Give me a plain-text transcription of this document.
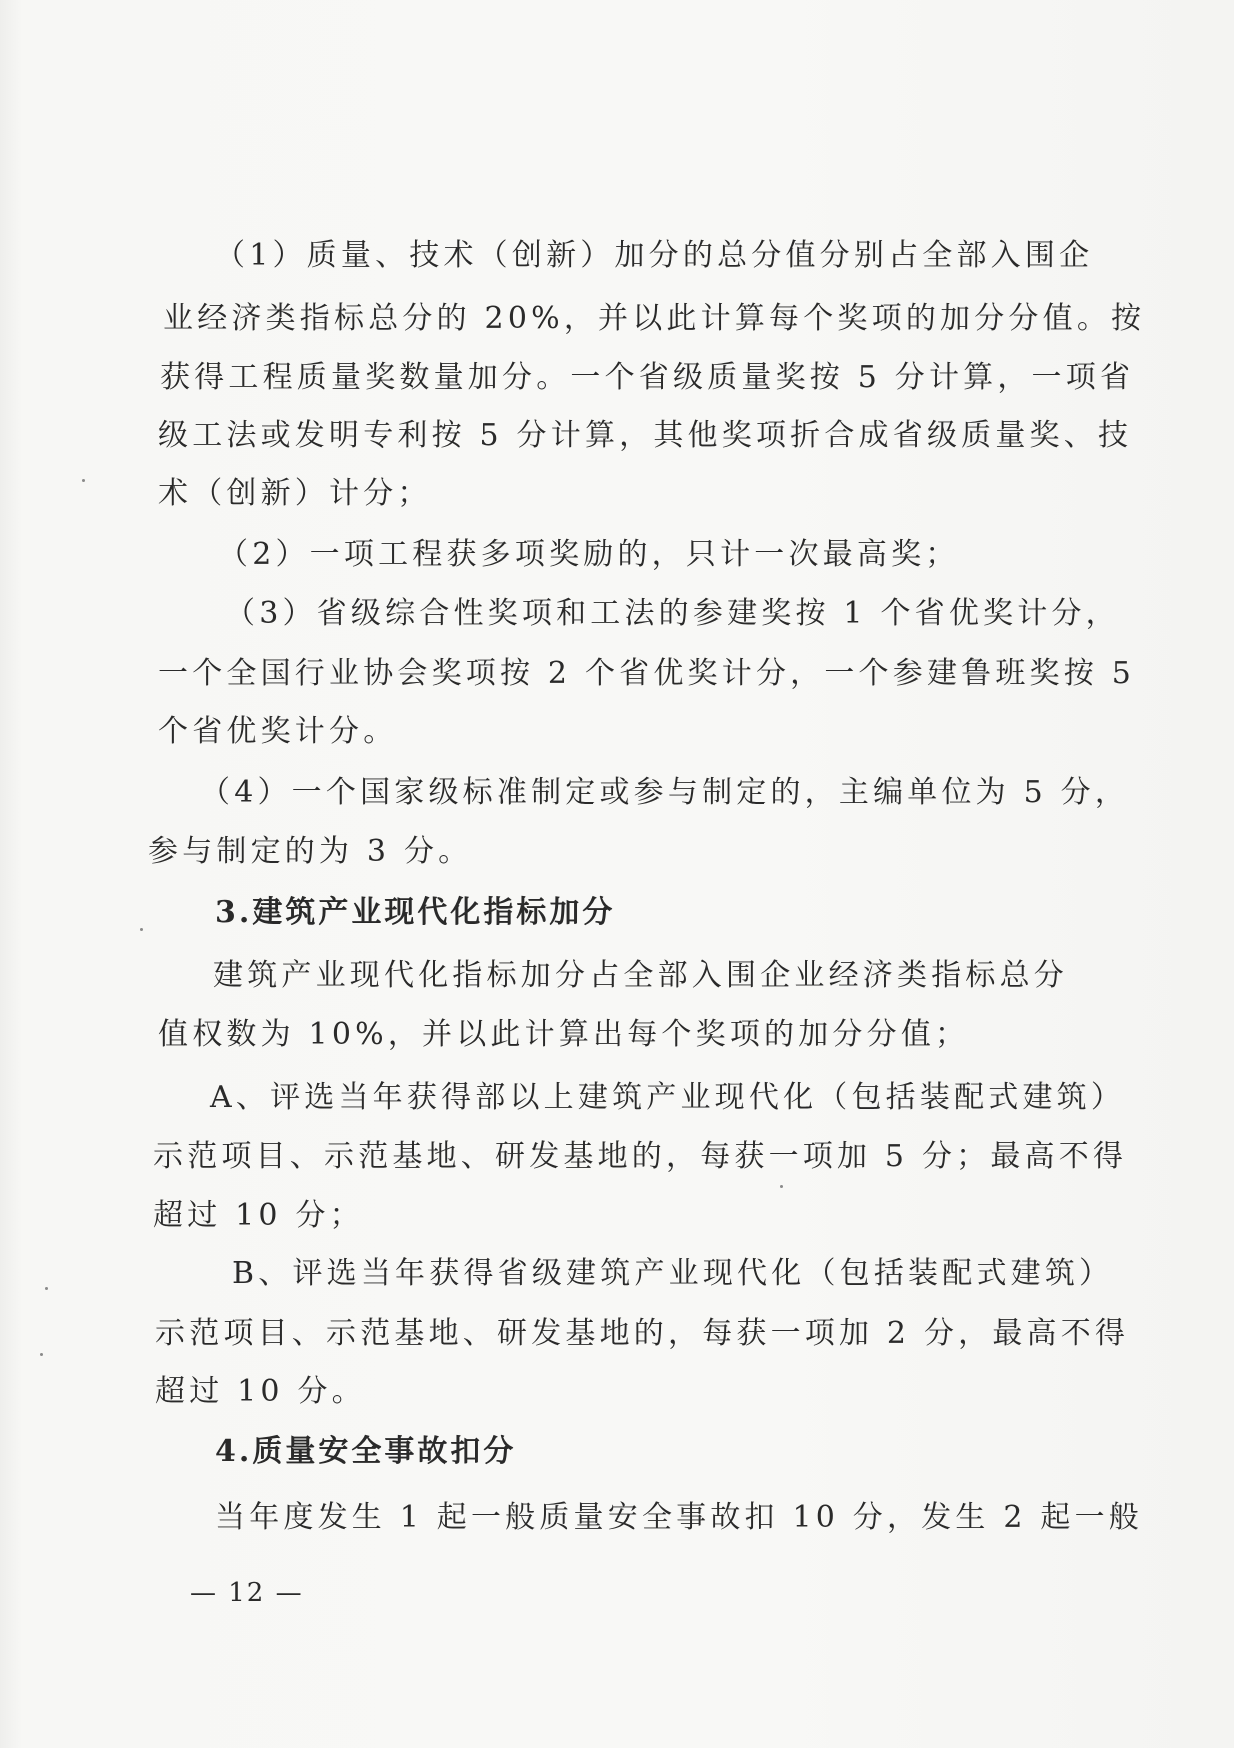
（1）质量、技术（创新）加分的总分值分别占全部入围企
业经济类指标总分的 20%，并以此计算每个奖项的加分分值。按
获得工程质量奖数量加分。一个省级质量奖按 5 分计算，一项省
级工法或发明专利按 5 分计算，其他奖项折合成省级质量奖、技
术（创新）计分；
（2）一项工程获多项奖励的，只计一次最高奖；
（3）省级综合性奖项和工法的参建奖按 1 个省优奖计分，
一个全国行业协会奖项按 2 个省优奖计分，一个参建鲁班奖按 5
个省优奖计分。
（4）一个国家级标准制定或参与制定的，主编单位为 5 分，
参与制定的为 3 分。
3.建筑产业现代化指标加分
建筑产业现代化指标加分占全部入围企业经济类指标总分
值权数为 10%，并以此计算出每个奖项的加分分值；
A、评选当年获得部以上建筑产业现代化（包括装配式建筑）
示范项目、示范基地、研发基地的，每获一项加 5 分；最高不得
超过 10 分；
B、评选当年获得省级建筑产业现代化（包括装配式建筑）
示范项目、示范基地、研发基地的，每获一项加 2 分，最高不得
超过 10 分。
4.质量安全事故扣分
当年度发生 1 起一般质量安全事故扣 10 分，发生 2 起一般
— 12 —
